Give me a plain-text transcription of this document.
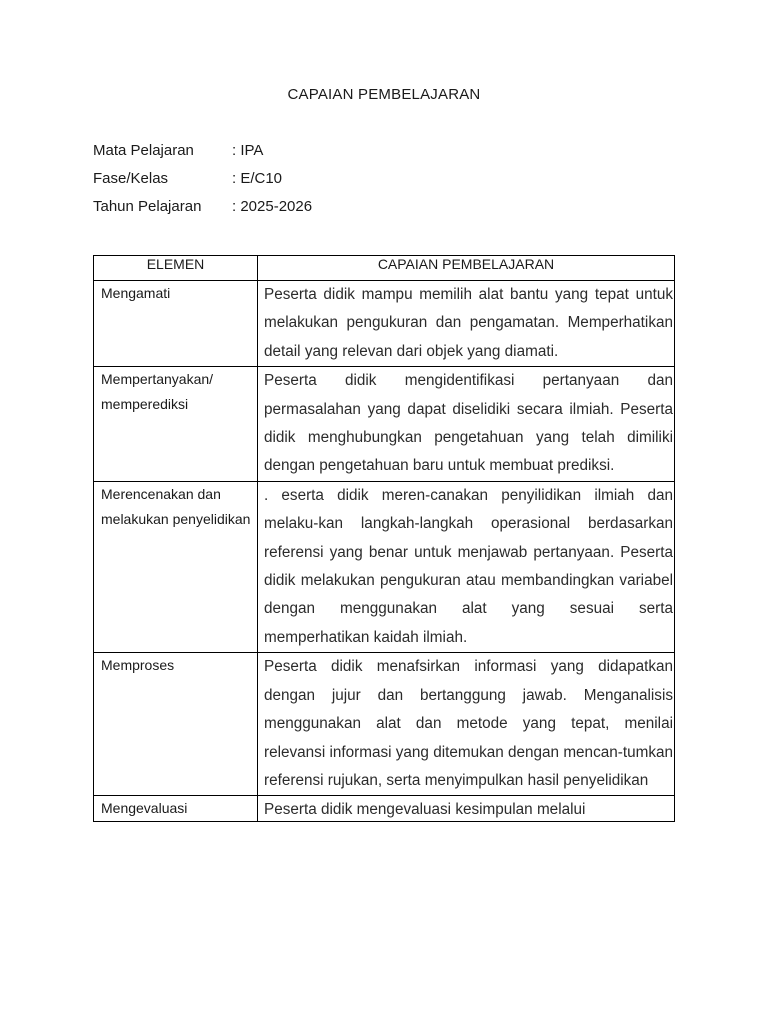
CAPAIAN PEMBELAJARAN
Mata Pelajaran	: IPA
Fase/Kelas	: E/C10
Tahun Pelajaran	: 2025-2026
ELEMEN	CAPAIAN PEMBELAJARAN
Mengamati	Peserta didik mampu memilih alat bantu yang tepat untuk melakukan pengukuran dan pengamatan. Memperhatikan detail yang relevan dari objek yang diamati.

Mempertanyakan/ memperediksi	Peserta didik mengidentifikasi pertanyaan dan permasalahan yang dapat diselidiki secara ilmiah. Peserta didik menghubungkan pengetahuan yang telah dimiliki dengan pengetahuan baru untuk membuat prediksi.

Merencenakan dan melakukan penyelidikan	. eserta didik meren-canakan penyilidikan ilmiah dan melaku-kan langkah-langkah operasional berdasarkan referensi yang benar untuk menjawab pertanyaan. Peserta didik melakukan pengukuran atau membandingkan variabel dengan menggunakan alat yang sesuai serta memperhatikan kaidah ilmiah.

Memproses	Peserta didik menafsirkan informasi yang didapatkan dengan jujur dan bertanggung jawab. Menganalisis menggunakan alat dan metode yang tepat, menilai relevansi informasi yang ditemukan dengan mencan-tumkan referensi rujukan, serta menyimpulkan hasil penyelidikan

Mengevaluasi	Peserta didik mengevaluasi kesimpulan melalui
